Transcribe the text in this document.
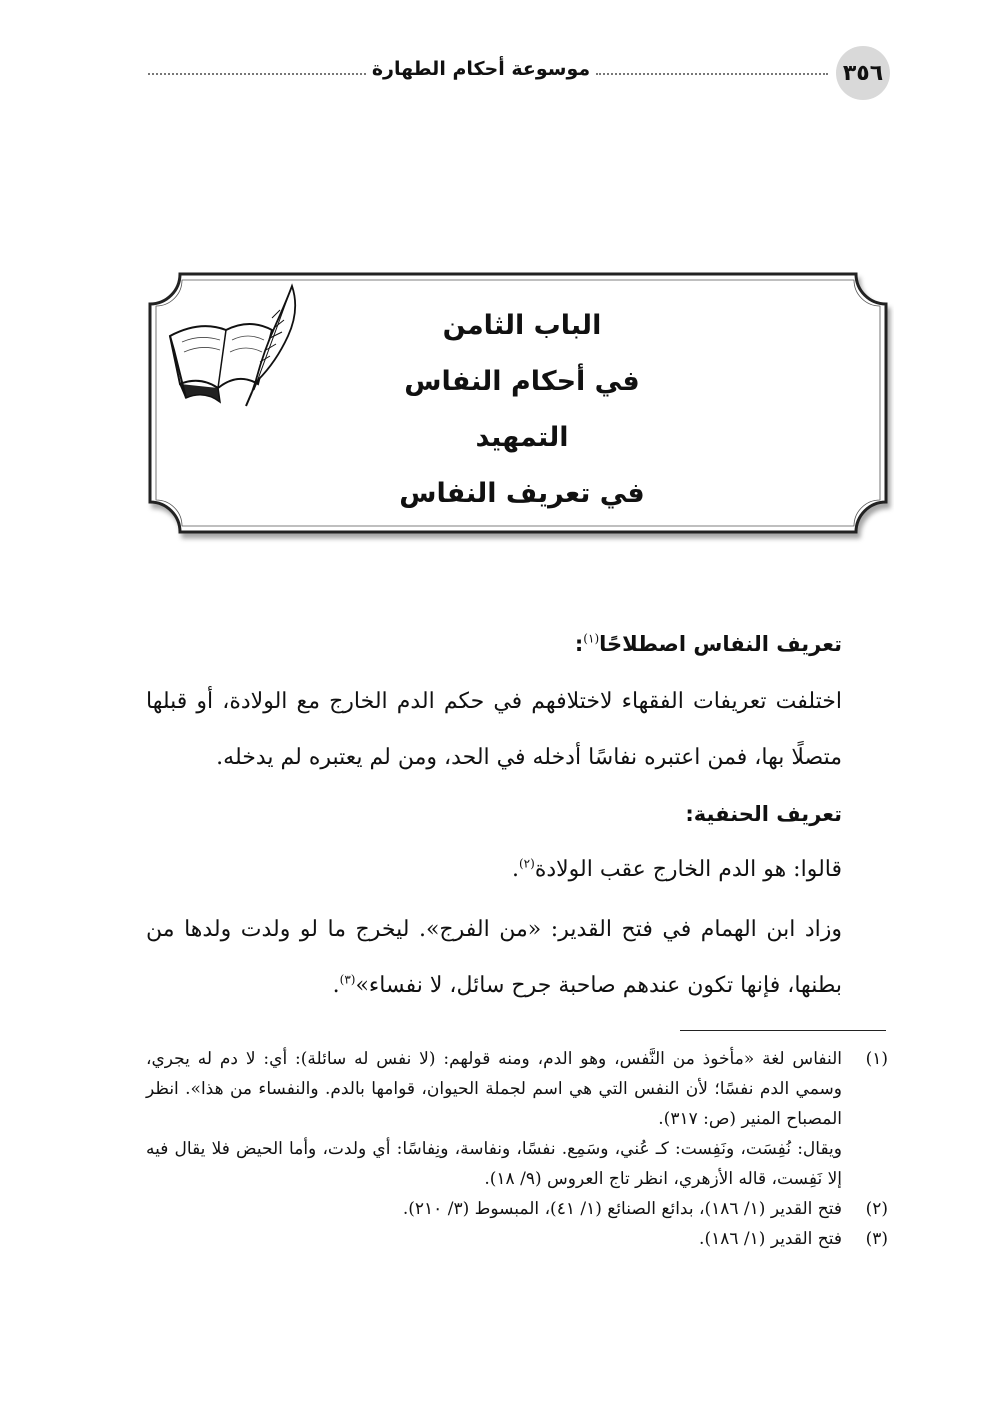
موسوعة أحكام الطهارة	٣٥٦
الباب الثامن
في أحكام النفاس
التمهيد
في تعريف النفاس
تعريف النفاس اصطلاحًا$^{(١)}$:
اختلفت تعريفات الفقهاء لاختلافهم في حكم الدم الخارج مع الولادة، أو قبلها متصلًا بها، فمن اعتبره نفاسًا أدخله في الحد، ومن لم يعتبره لم يدخله.
تعريف الحنفية:
قالوا: هو الدم الخارج عقب الولادة$^{(٢)}$.
وزاد ابن الهمام في فتح القدير: «من الفرج». ليخرج ما لو ولدت ولدها من بطنها، فإنها تكون عندهم صاحبة جرح سائل، لا نفساء»$^{(٣)}$.
(١)
النفاس لغة «مأخوذ من النَّفس، وهو الدم، ومنه قولهم: (لا نفس له سائلة): أي: لا دم له يجري، وسمي الدم نفسًا؛ لأن النفس التي هي اسم لجملة الحيوان، قوامها بالدم. والنفساء من هذا». انظر المصباح المنير (ص: ٣١٧).
ويقال: نُفِسَت، ونَفِست: كـ عُني، وسَمِع. نفسًا، ونفاسة، ونِفاسًا: أي ولدت، وأما الحيض فلا يقال فيه إلا نَفِست، قاله الأزهري، انظر تاج العروس (٩/ ١٨).
(٢)
فتح القدير (١/ ١٨٦)، بدائع الصنائع (١/ ٤١)، المبسوط (٣/ ٢١٠).
(٣)
فتح القدير (١/ ١٨٦).
